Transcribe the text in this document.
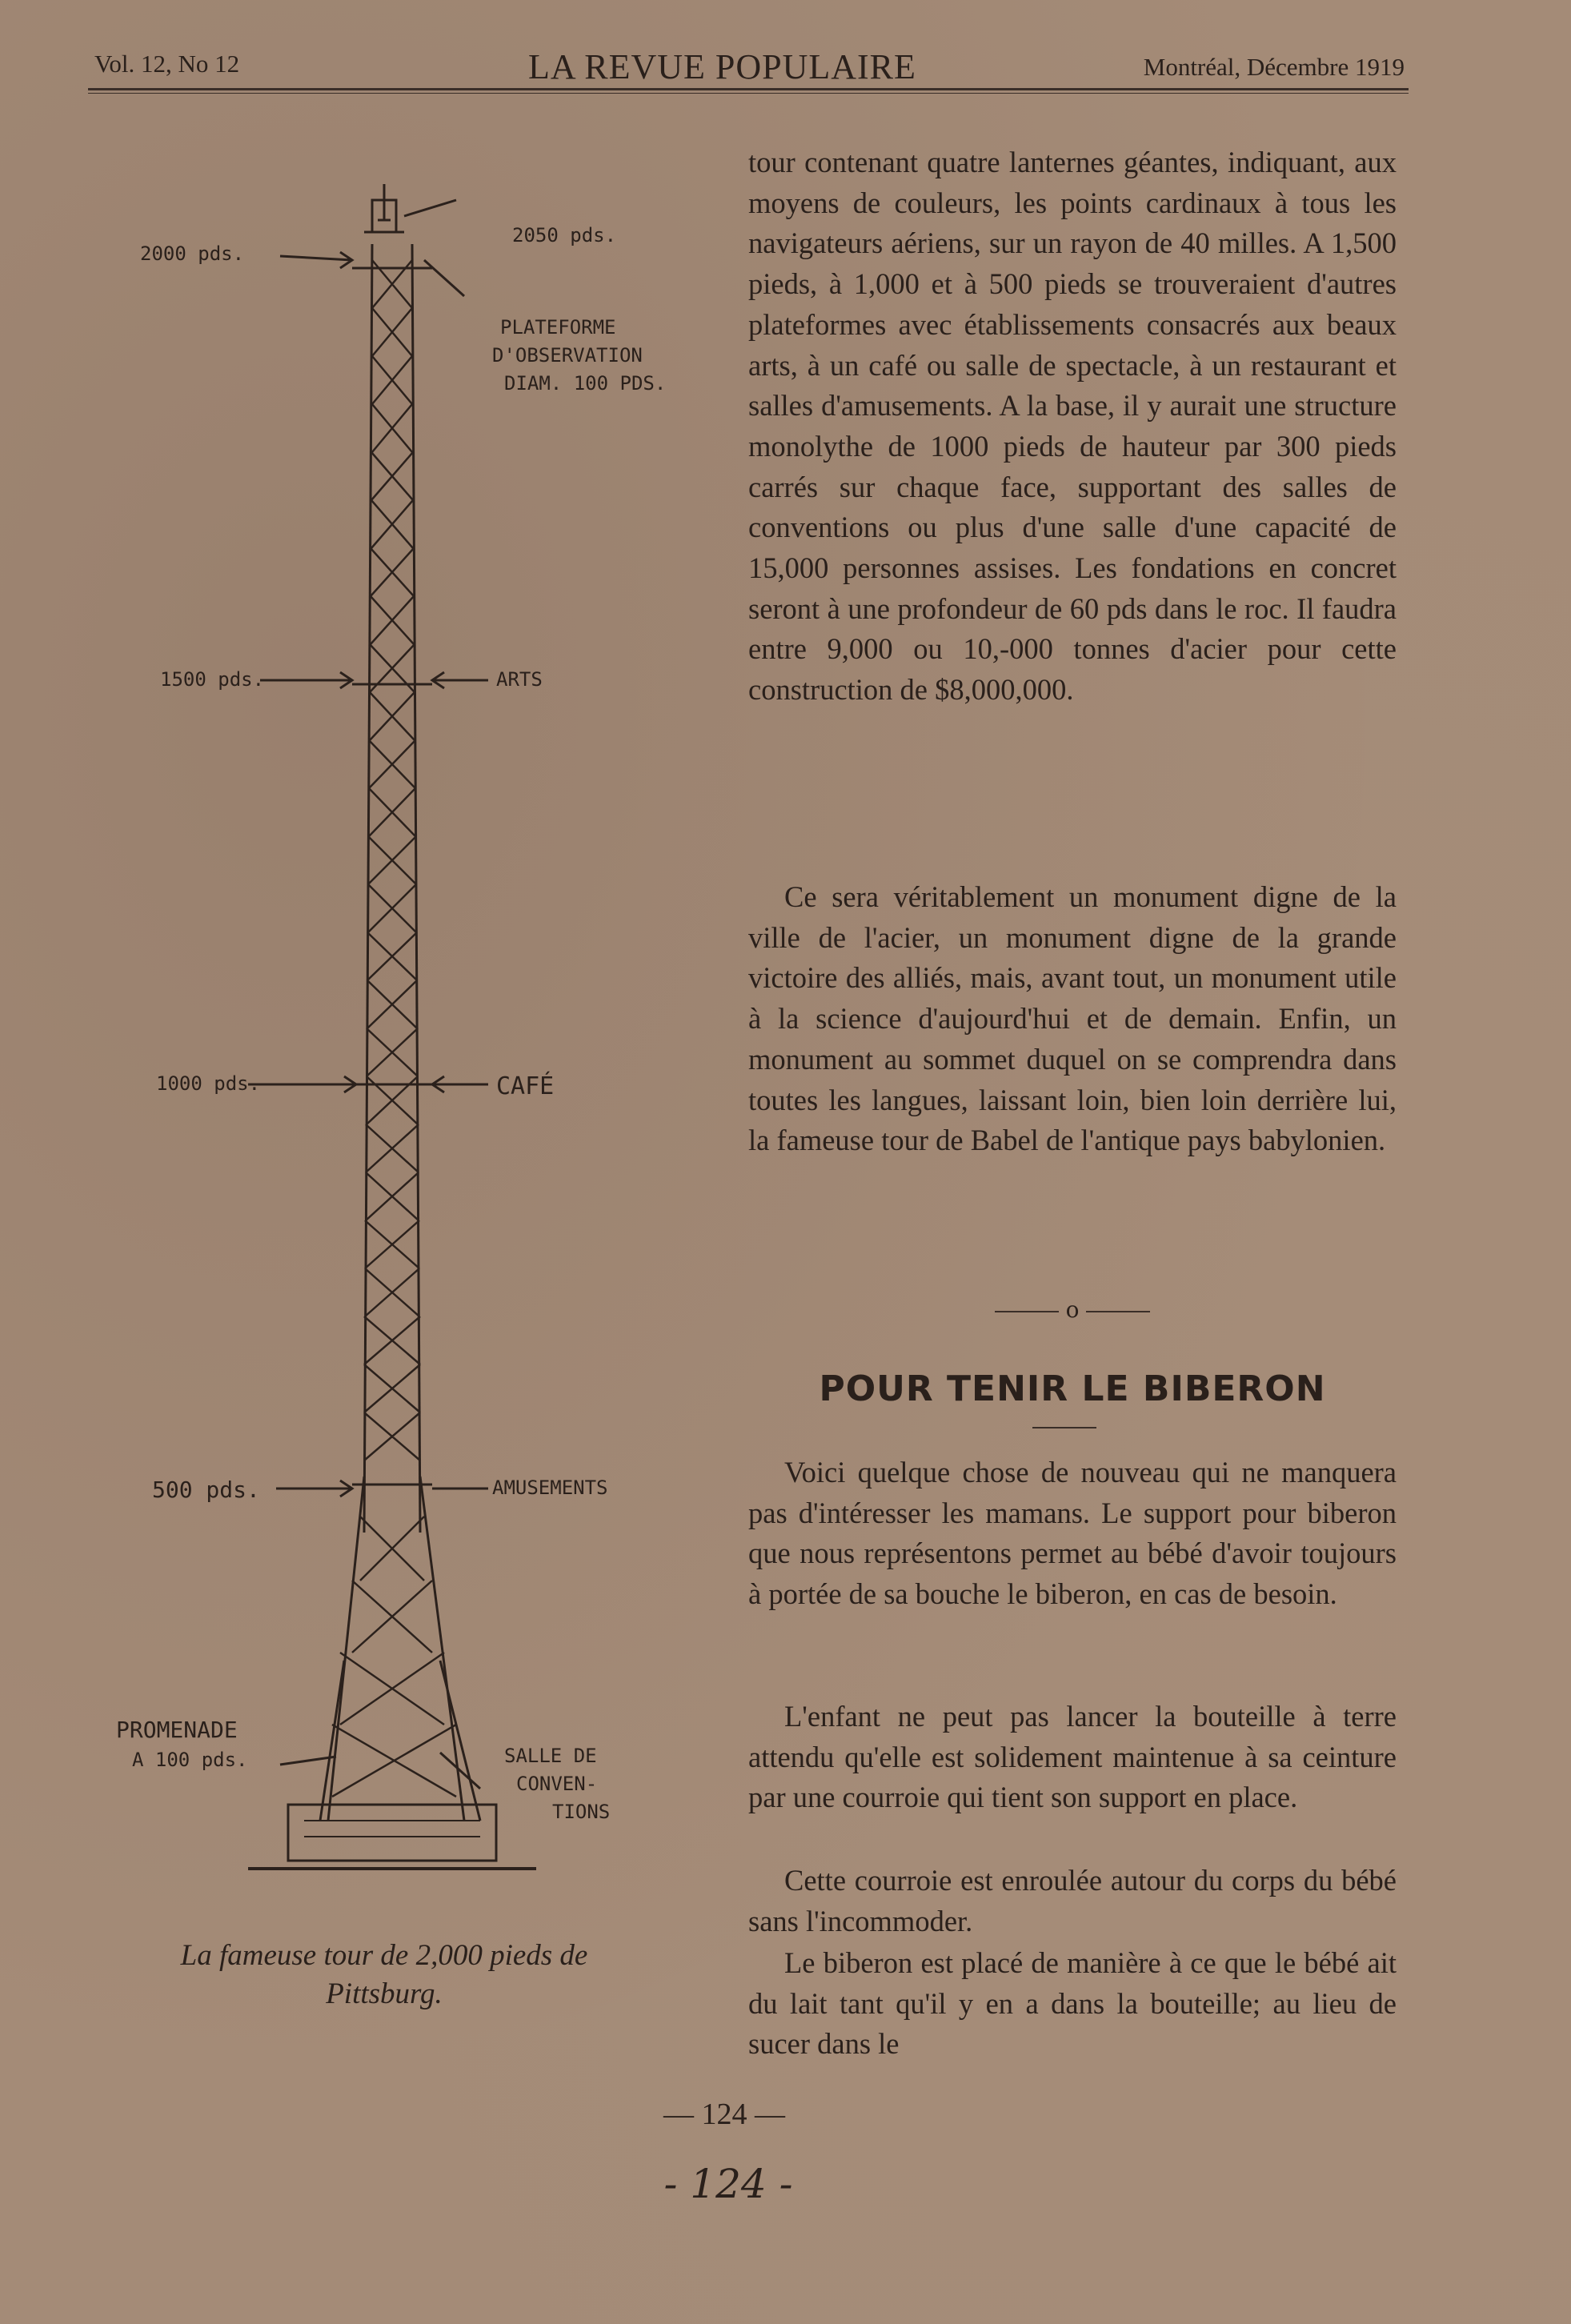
Vol. 12, No 12	LA REVUE POPULAIRE	Montréal, Décembre 1919
2000 pds.
2050 pds.
PLATEFORME
D'OBSERVATION
DIAM. 100 PDS.
1500 pds.	ARTS
1000 pds.	CAFÉ
500 pds.	AMUSEMENTS
PROMENADE
A 100 pds.	SALLE DE
CONVEN-
TIONS
La fameuse tour de 2,000 pieds de
Pittsburg.

tour contenant quatre lanternes géantes, indiquant, aux moyens de couleurs, les points cardinaux à tous les navigateurs aériens, sur un rayon de 40 milles. A 1,500 pieds, à 1,000 et à 500 pieds se trouveraient d'autres plateformes avec établissements consacrés aux beaux arts, à un café ou salle de spectacle, à un restaurant et salles d'amusements. A la base, il y aurait une structure monolythe de 1000 pieds de hauteur par 300 pieds carrés sur chaque face, supportant des salles de conventions ou plus d'une salle d'une capacité de 15,000 personnes assises. Les fondations en concret seront à une profondeur de 60 pds dans le roc. Il faudra entre 9,000 ou 10,-000 tonnes d'acier pour cette construction de $8,000,000.

Ce sera véritablement un monument digne de la ville de l'acier, un monument digne de la grande victoire des alliés, mais, avant tout, un monument utile à la science d'aujourd'hui et de demain. Enfin, un monument au sommet duquel on se comprendra dans toutes les langues, laissant loin, bien loin derrière lui, la fameuse tour de Babel de l'antique pays babylonien.

o
POUR TENIR LE BIBERON

Voici quelque chose de nouveau qui ne manquera pas d'intéresser les mamans. Le support pour biberon que nous représentons permet au bébé d'avoir toujours à portée de sa bouche le biberon, en cas de besoin.

L'enfant ne peut pas lancer la bouteille à terre attendu qu'elle est solidement maintenue à sa ceinture par une courroie qui tient son support en place.

Cette courroie est enroulée autour du corps du bébé sans l'incommoder.

Le biberon est placé de manière à ce que le bébé ait du lait tant qu'il y en a dans la bouteille; au lieu de sucer dans le

— 124 —
- 124 -
